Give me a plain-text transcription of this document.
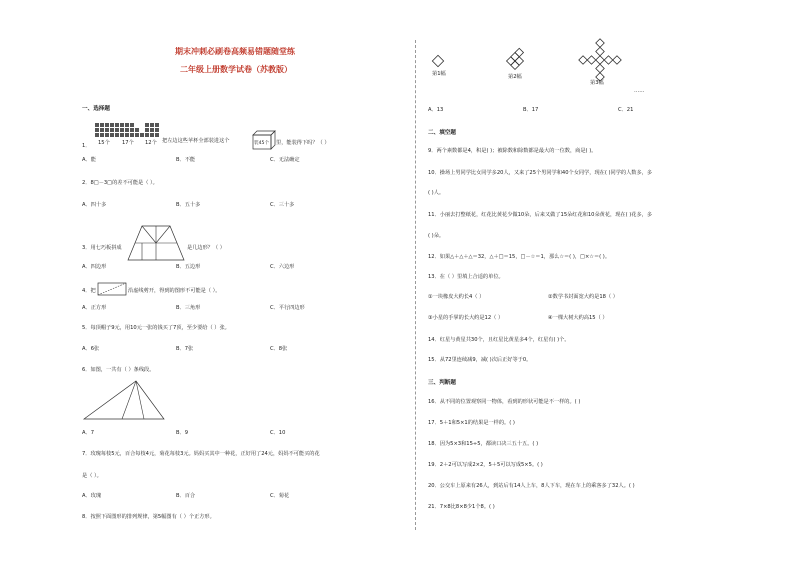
期末冲刺必刷卷高频易错题随堂练
二年级上册数学试卷（苏教版）
一、选择题
15个 17个 12个	装45个
1．
把左边这些苹杯全部装进这个	里，能装得下吗？（ ）
A．能	B．不能	C．无法确定
2．8□－3□的差不可能是（ ）。
A．四十多	B．五十多	C．三十多
3．用七巧板拼成	是几边形？（ ）
A．四边形	B．五边形	C．六边形
4．把	沿虚线剪开，得到的图形不可能是（ ）。
A．正方形	B．三角形	C．平行四边形
5．每顶帽子9元，用10元一张的钱买了7顶，至少要给（ ）张。
A．6张	B．7张	C．8张
6．如图，一共有（ ）条线段。
A．7	B．9	C．10
7．玫瑰每枝5元，百合每枝4元，菊花每枝3元。妈妈买其中一种花，正好用了24元，妈妈不可能买的花
是（ ）。
A．玫瑰	B．百合	C．菊花
8．按照下面图形的排列规律，第5幅图有（ ）个正方形。
第1幅	第2幅
第3幅
……
A．13	B．17	C．21
二、填空题
9．两个素数都是4，积是( )；被除数和除数都是最大的一位数，商是( )。
10．操场上男同学比女同学多20人，又来了25个男同学和40个女同学，现在( )同学的人数多，多
( )人。
11．小丽去打整纸花，红花比黄花少做10朵，后来又做了15朵红花和10朵黄花，现在( )花多，多
( )朵。
12．如果△＋△＋△＝32，△＋□＝15，□－☆＝1，那么☆＝( )，□×☆＝( )。
13．在（ ）里填上合适的单位。
①一块橡皮大约长4（ ）	②数学书封面宽大约是18（ ）
③小星的手掌的长大约是12（ ）	④一棵大树大约高15（ ）
14．红星与黄星共30个，且红星比黄星多4个，红星有( )个。
15．从72里连续减9，减( )次后正好等于0。
三、判断题
16．从不同的位置观察同一物体，看到的形状可能是不一样的。( )
17．5＋1和5×1的结果是一样的。( )
18．因为5×3和15÷5，都读口决三五十五。( )
19．2＋2可以写成2×2，5＋5可以写成5×5。( )
20．公交车上原来有26人，到站后有14人上车，8人下车，现在车上的乘客多了32人。( )
21．7×8比8×8少1个8。( )
